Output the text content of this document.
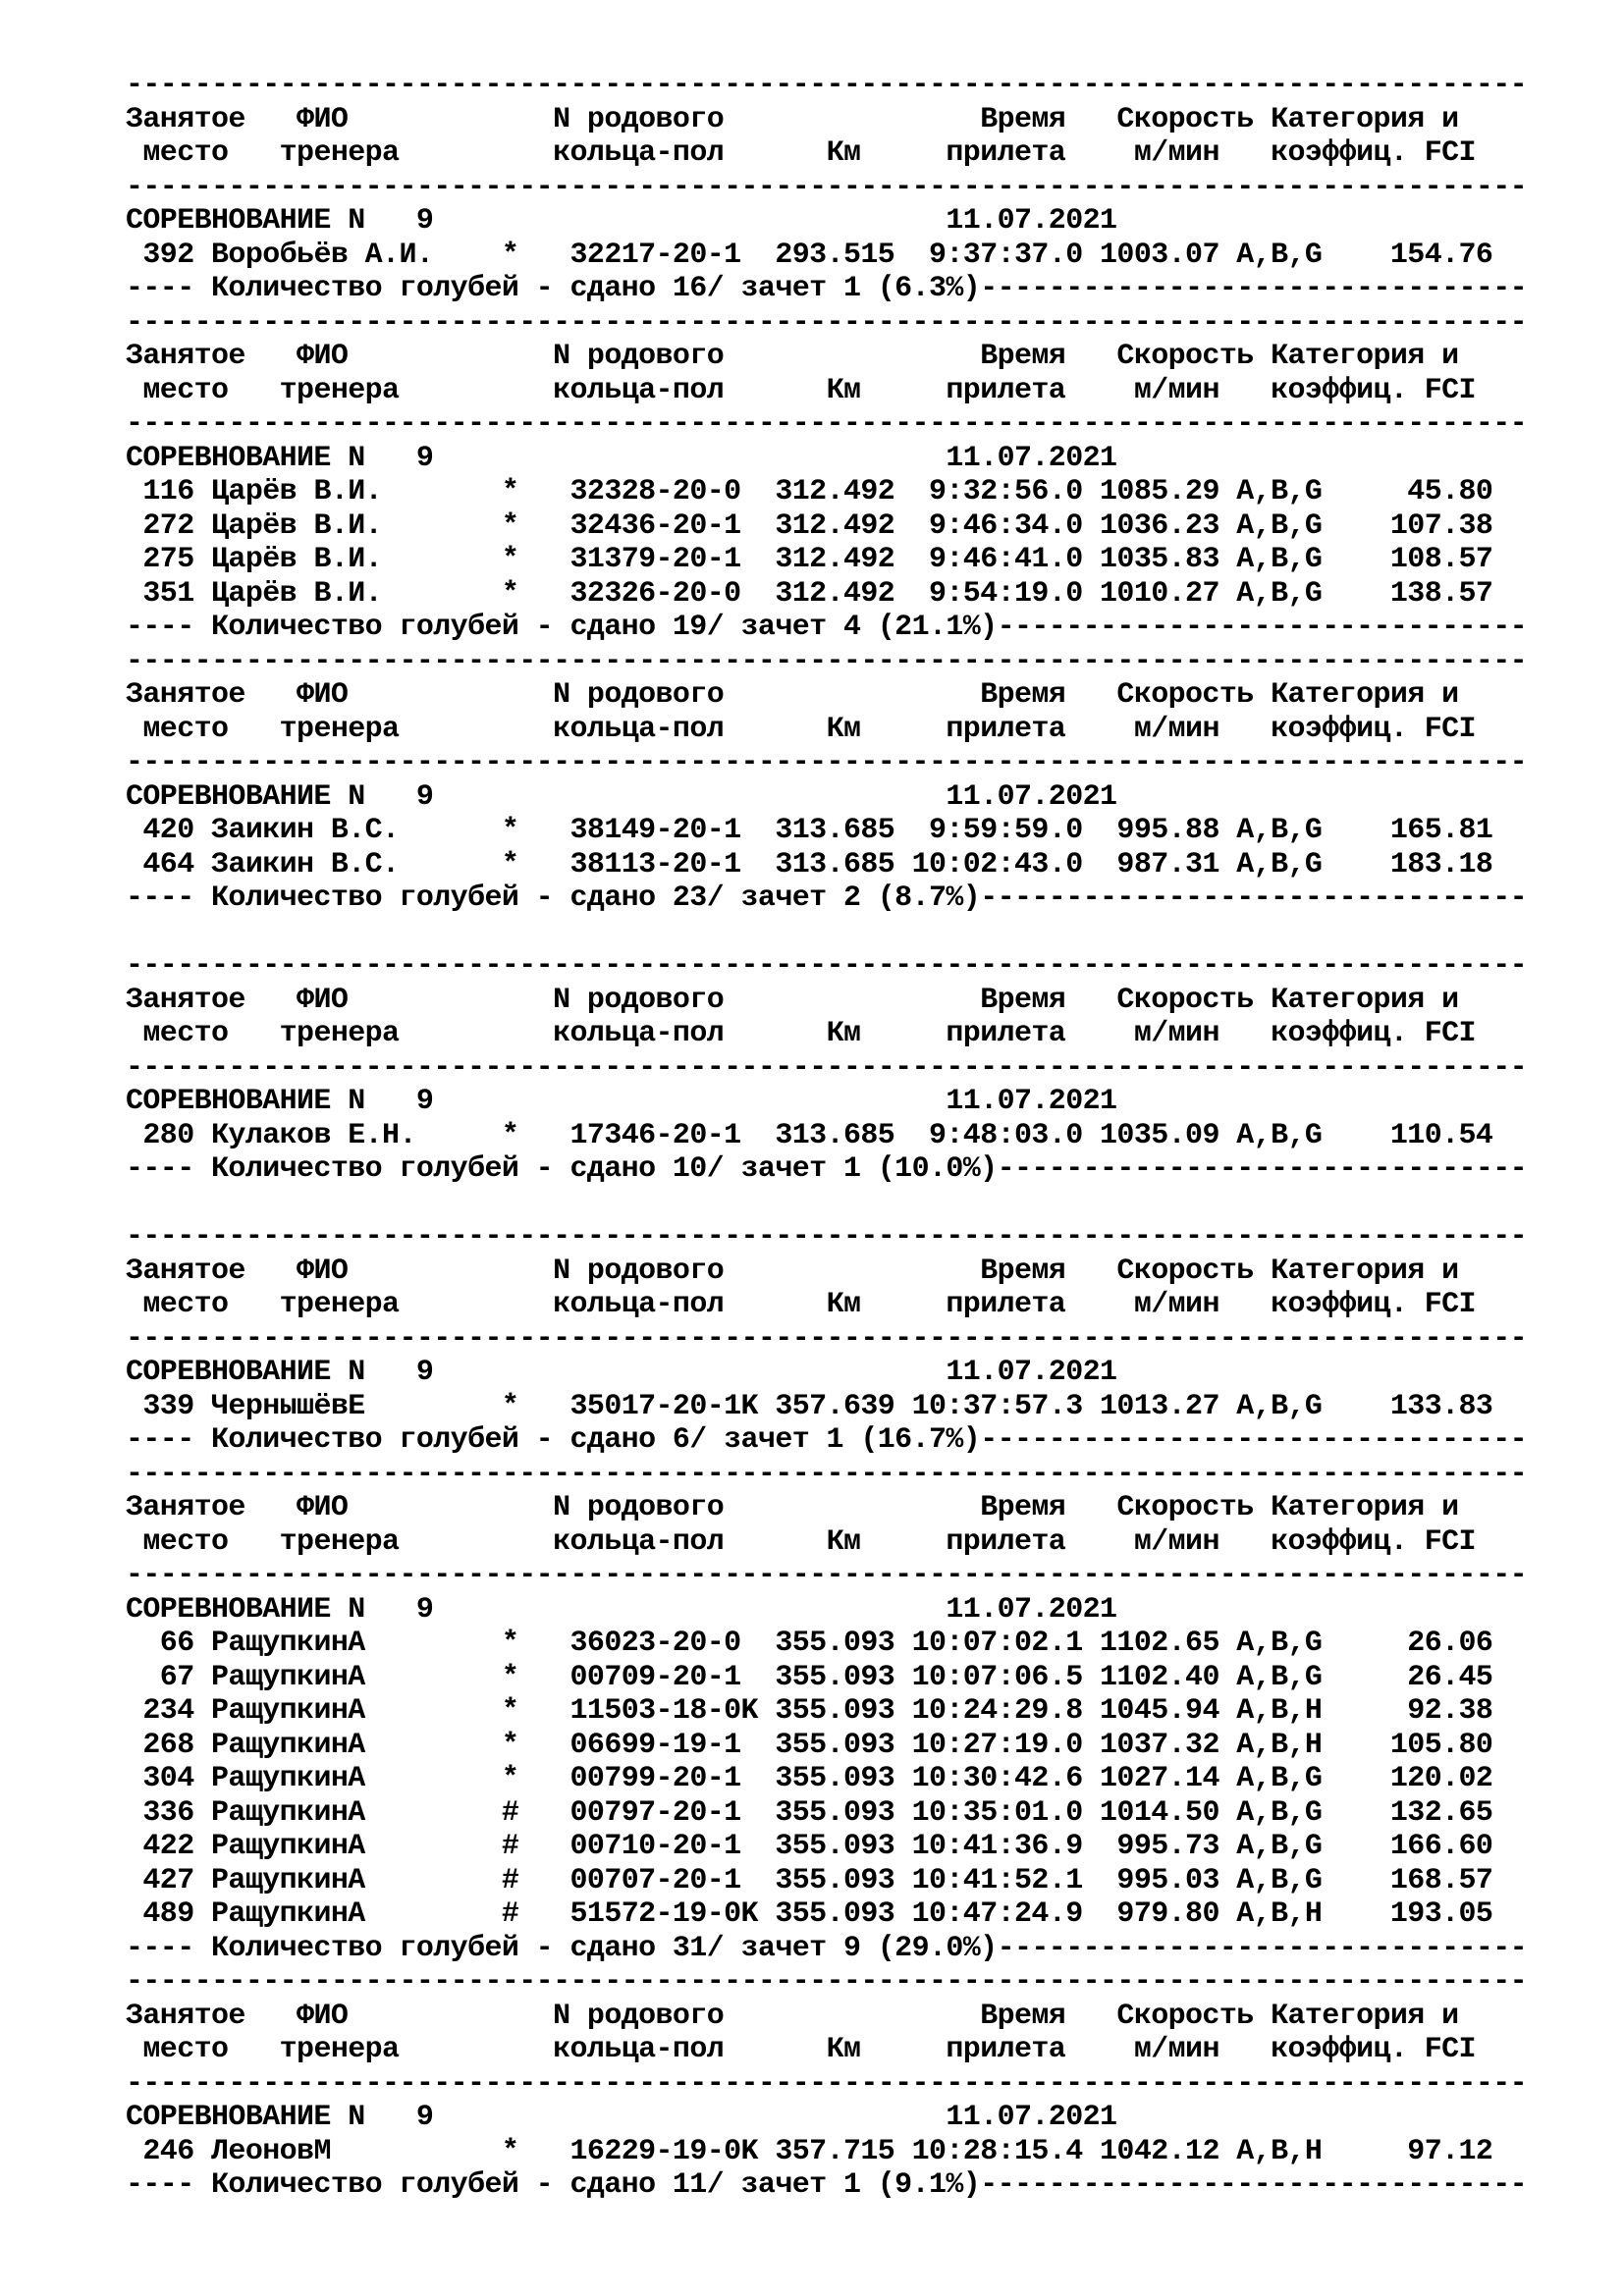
----------------------------------------------------------------------------------
Занятое ФИО	N родового	Время Скорость Категория и
место тренера	кольца-пол	Км	прилета м/мин коэффиц. FCI
----------------------------------------------------------------------------------
СОРЕВНОВАНИЕ N 9	11.07.2021
392 Воробьёв А.И.    * 32217-20-1  293.515  9:37:37.0 1003.07 A,B,G    154.76
---- Количество голубей - сдано 16/ зачет 1 (6.3%)--------------------------------
----------------------------------------------------------------------------------
Занятое ФИО	N родового	Время Скорость Категория и
место тренера	кольца-пол	Км	прилета м/мин коэффиц. FCI
----------------------------------------------------------------------------------
СОРЕВНОВАНИЕ N 9	11.07.2021
116 Царёв В.И.       * 32328-20-0  312.492  9:32:56.0 1085.29 A,B,G     45.80
272 Царёв В.И.       * 32436-20-1  312.492  9:46:34.0 1036.23 A,B,G    107.38
275 Царёв В.И.       * 31379-20-1  312.492  9:46:41.0 1035.83 A,B,G    108.57
351 Царёв В.И.       * 32326-20-0  312.492  9:54:19.0 1010.27 A,B,G    138.57
---- Количество голубей - сдано 19/ зачет 4 (21.1%)-------------------------------
----------------------------------------------------------------------------------
Занятое ФИО	N родового	Время Скорость Категория и
место тренера	кольца-пол	Км	прилета м/мин коэффиц. FCI
----------------------------------------------------------------------------------
СОРЕВНОВАНИЕ N 9	11.07.2021
420 Заикин В.С.      * 38149-20-1  313.685  9:59:59.0  995.88 A,B,G    165.81
464 Заикин В.С.      * 38113-20-1  313.685 10:02:43.0  987.31 A,B,G    183.18
---- Количество голубей - сдано 23/ зачет 2 (8.7%)--------------------------------
----------------------------------------------------------------------------------
Занятое ФИО	N родового	Время Скорость Категория и
место тренера	кольца-пол	Км	прилета м/мин коэффиц. FCI
----------------------------------------------------------------------------------
СОРЕВНОВАНИЕ N 9	11.07.2021
280 Кулаков Е.Н.     * 17346-20-1  313.685  9:48:03.0 1035.09 A,B,G    110.54
---- Количество голубей - сдано 10/ зачет 1 (10.0%)-------------------------------
----------------------------------------------------------------------------------
Занятое ФИО	N родового	Время Скорость Категория и
место тренера	кольца-пол	Км	прилета м/мин коэффиц. FCI
----------------------------------------------------------------------------------
СОРЕВНОВАНИЕ N 9	11.07.2021
339 ЧернышёвЕ        * 35017-20-1K 357.639 10:37:57.3 1013.27 A,B,G    133.83
---- Количество голубей - сдано 6/ зачет 1 (16.7%)--------------------------------
----------------------------------------------------------------------------------
Занятое ФИО	N родового	Время Скорость Категория и
место тренера	кольца-пол	Км	прилета м/мин коэффиц. FCI
----------------------------------------------------------------------------------
СОРЕВНОВАНИЕ N 9	11.07.2021
66 РащупкинА        * 36023-20-0  355.093 10:07:02.1 1102.65 A,B,G     26.06
67 РащупкинА        * 00709-20-1  355.093 10:07:06.5 1102.40 A,B,G     26.45
234 РащупкинА        * 11503-18-0K 355.093 10:24:29.8 1045.94 A,B,H     92.38
268 РащупкинА        * 06699-19-1  355.093 10:27:19.0 1037.32 A,B,H    105.80
304 РащупкинА        * 00799-20-1  355.093 10:30:42.6 1027.14 A,B,G    120.02
336 РащупкинА        # 00797-20-1  355.093 10:35:01.0 1014.50 A,B,G    132.65
422 РащупкинА        # 00710-20-1  355.093 10:41:36.9  995.73 A,B,G    166.60
427 РащупкинА        # 00707-20-1  355.093 10:41:52.1  995.03 A,B,G    168.57
489 РащупкинА        # 51572-19-0K 355.093 10:47:24.9  979.80 A,B,H    193.05
---- Количество голубей - сдано 31/ зачет 9 (29.0%)-------------------------------
----------------------------------------------------------------------------------
Занятое ФИО	N родового	Время Скорость Категория и
место тренера	кольца-пол	Км	прилета м/мин коэффиц. FCI
----------------------------------------------------------------------------------
СОРЕВНОВАНИЕ N 9	11.07.2021
246 ЛеоновМ          * 16229-19-0K 357.715 10:28:15.4 1042.12 A,B,H     97.12
---- Количество голубей - сдано 11/ зачет 1 (9.1%)--------------------------------
